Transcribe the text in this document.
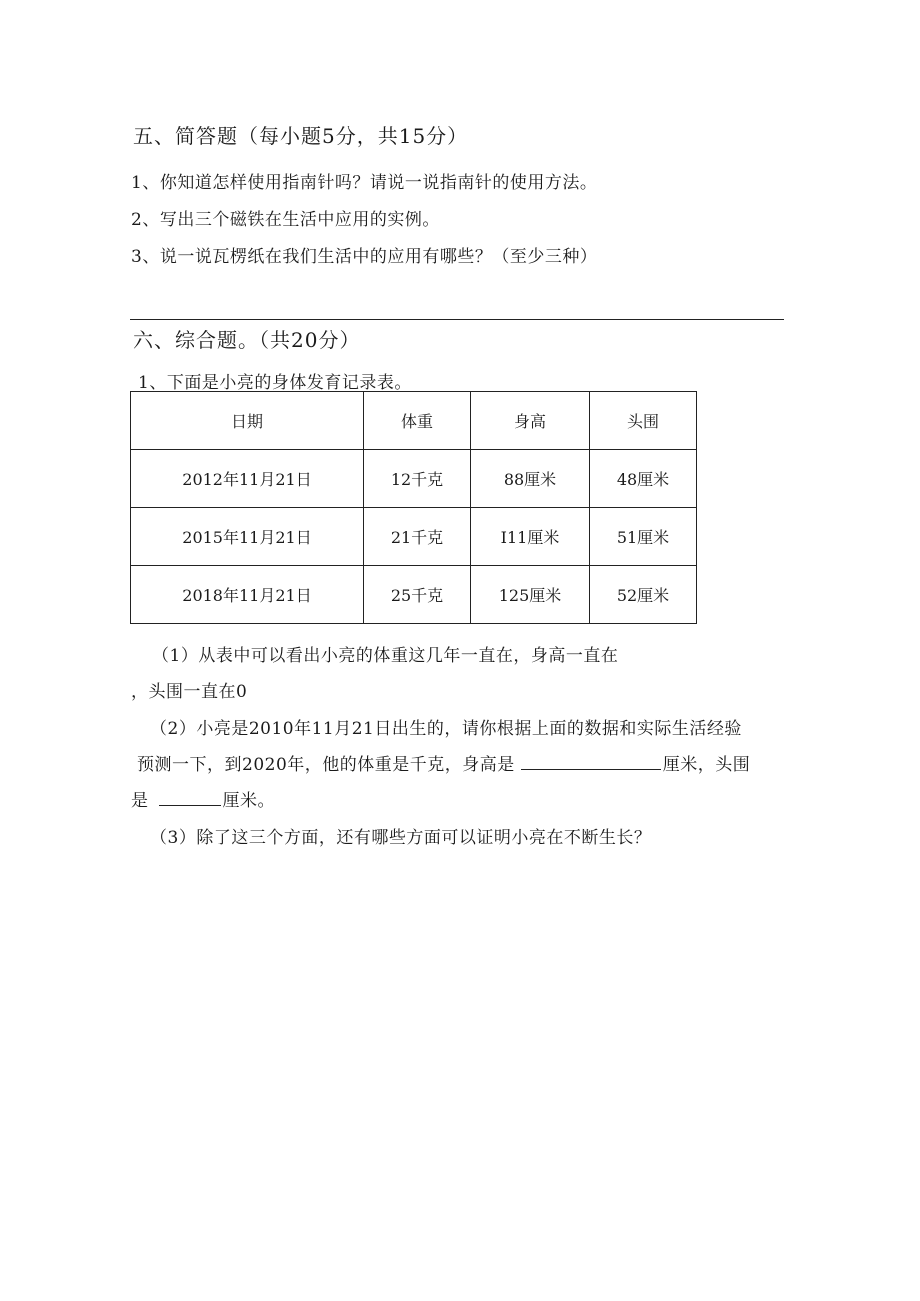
五、简答题（每小题5分，共15分）
1、你知道怎样使用指南针吗？请说一说指南针的使用方法。
2、写出三个磁铁在生活中应用的实例。
3、说一说瓦楞纸在我们生活中的应用有哪些？（至少三种）
六、综合题。（共20分）
1、下面是小亮的身体发育记录表。
日期	体重	身高	头围
2012年11月21日	12千克	88厘米	48厘米
2015年11月21日	21千克	I11厘米	51厘米
2018年11月21日	25千克	125厘米	52厘米
（1）从表中可以看出小亮的体重这几年一直在，身高一直在
，头围一直在0
（2）小亮是2010年11月21日出生的，请你根据上面的数据和实际生活经验
预测一下，到2020年，他的体重是千克，身高是	厘米，头围
是	厘米。
（3）除了这三个方面，还有哪些方面可以证明小亮在不断生长？
